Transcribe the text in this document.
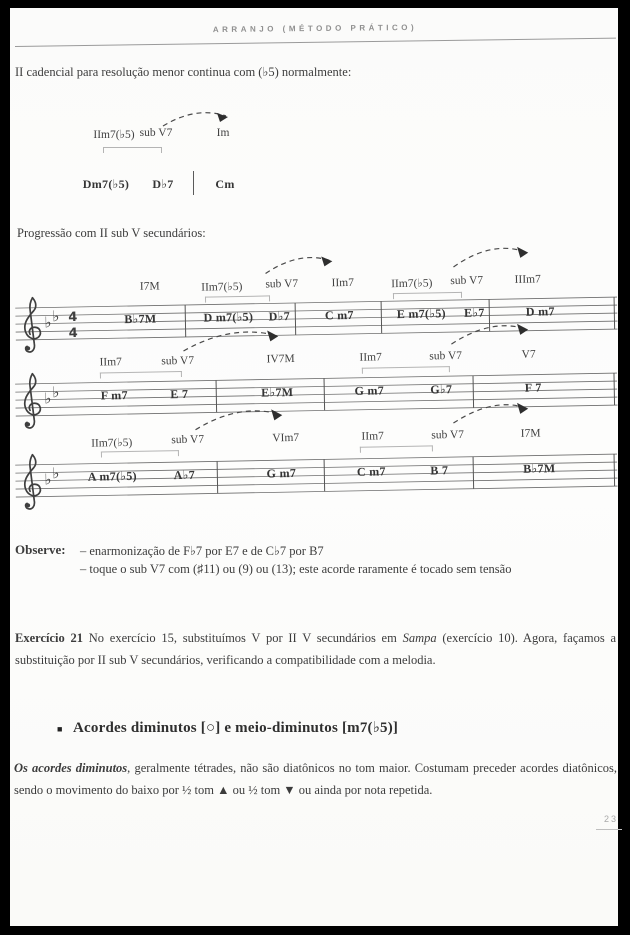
ARRANJO (MÉTODO PRÁTICO)
II cadencial para resolução menor continua com (♭5) normalmente:
IIm7(♭5) sub V7	Im
Dm7(♭5) D♭7	Cm
Progressão com II sub V secundários:
I7M	IIm7(♭5) sub V7	IIm7	IIm7(♭5) sub V7	IIIm7
♭ ♭ 4
4
B♭7M	D m7(♭5) D♭7	C m7	E m7(♭5) E♭7	D m7
IIm7	sub V7	IV7M	IIm7	sub V7	V7
♭ ♭	F m7	E 7	E♭7M	G m7	G♭7	F 7
IIm7(♭5)	sub V7	VIm7	IIm7	sub V7	I7M
♭ ♭ A m7(♭5)	A♭7	G m7	C m7	B 7	B♭7M
Observe: – enarmonização de F♭7 por E7 e de C♭7 por B7
– toque o sub V7 com (♯11) ou (9) ou (13); este acorde raramente é tocado sem tensão
Exercício 21 No exercício 15, substituímos V por II V secundários em Sampa (exercício 10). Agora, façamos a substituição por II sub V secundários, verificando a compatibilidade com a melodia.
■ Acordes diminutos [○] e meio-diminutos [m7(♭5)]
Os acordes diminutos, geralmente tétrades, não são diatônicos no tom maior. Costumam preceder acordes diatônicos, sendo o movimento do baixo por ½ tom ▲ ou ½ tom ▼ ou ainda por nota repetida.
23
